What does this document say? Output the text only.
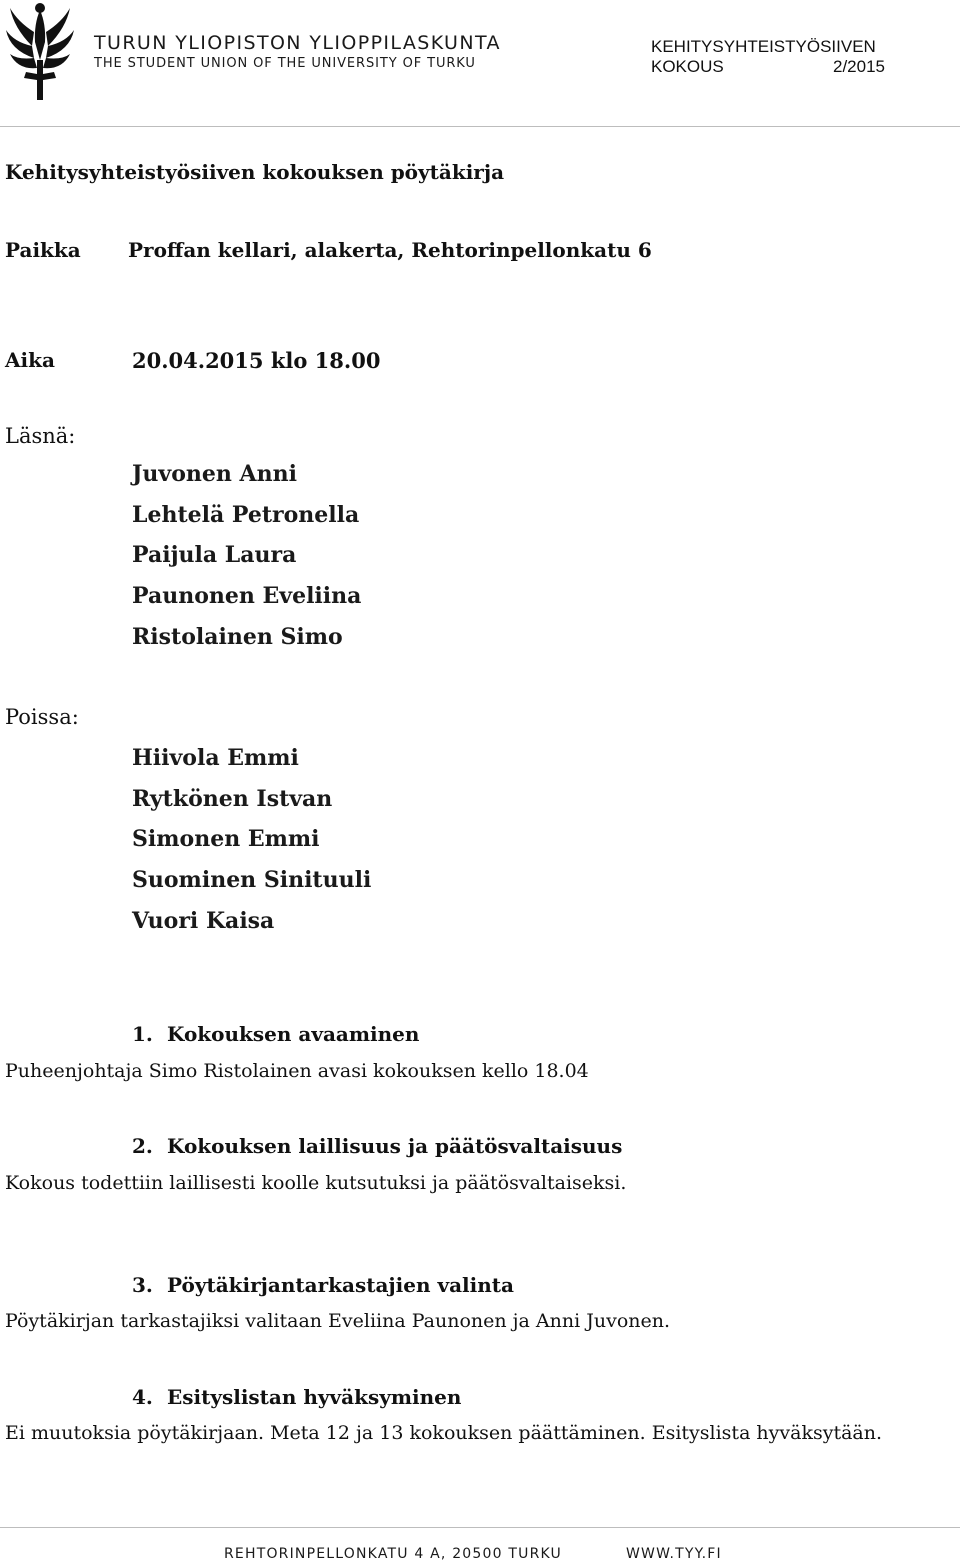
TURUN YLIOPISTON YLIOPPILASKUNTA
THE STUDENT UNION OF THE UNIVERSITY OF TURKU
KEHITYSYHTEISTYÖSIIVEN
KOKOUS	2/2015
Kehitysyhteistyösiiven kokouksen pöytäkirja
Paikka Proffan kellari, alakerta, Rehtorinpellonkatu 6
Aika	20.04.2015 klo 18.00
Läsnä:
Juvonen Anni
Lehtelä Petronella
Paijula Laura
Paunonen Eveliina
Ristolainen Simo
Poissa:
Hiivola Emmi
Rytkönen Istvan
Simonen Emmi
Suominen Sinituuli
Vuori Kaisa
1. Kokouksen avaaminen
Puheenjohtaja Simo Ristolainen avasi kokouksen kello 18.04
2. Kokouksen laillisuus ja päätösvaltaisuus
Kokous todettiin laillisesti koolle kutsutuksi ja päätösvaltaiseksi.
3. Pöytäkirjantarkastajien valinta
Pöytäkirjan tarkastajiksi valitaan Eveliina Paunonen ja Anni Juvonen.
4. Esityslistan hyväksyminen
Ei muutoksia pöytäkirjaan. Meta 12 ja 13 kokouksen päättäminen. Esityslista hyväksytään.
REHTORINPELLONKATU 4 A, 20500 TURKU	WWW.TYY.FI
